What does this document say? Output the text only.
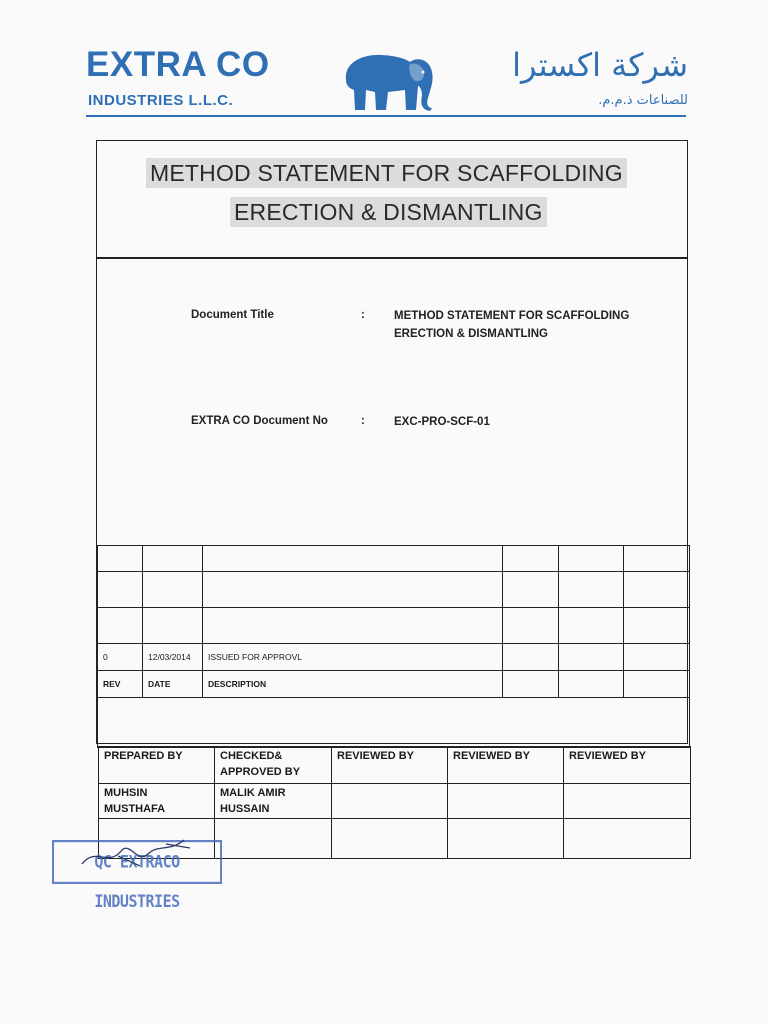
EXTRA CO
INDUSTRIES L.L.C.
شركة اكسترا
للصناعات ذ.م.م.
METHOD STATEMENT FOR SCAFFOLDING
ERECTION & DISMANTLING
Document Title	:	METHOD STATEMENT FOR SCAFFOLDING
ERECTION & DISMANTLING
EXTRA CO Document No	:	EXC-PRO-SCF-01

0	12/03/2014	ISSUED FOR APPROVL			
REV	DATE	DESCRIPTION			

PREPARED BY	CHECKED& APPROVED BY	REVIEWED BY	REVIEWED BY	REVIEWED BY
MUHSIN MUSTHAFA	MALIK AMIR HUSSAIN			

QC EXTRACO INDUSTRIES
